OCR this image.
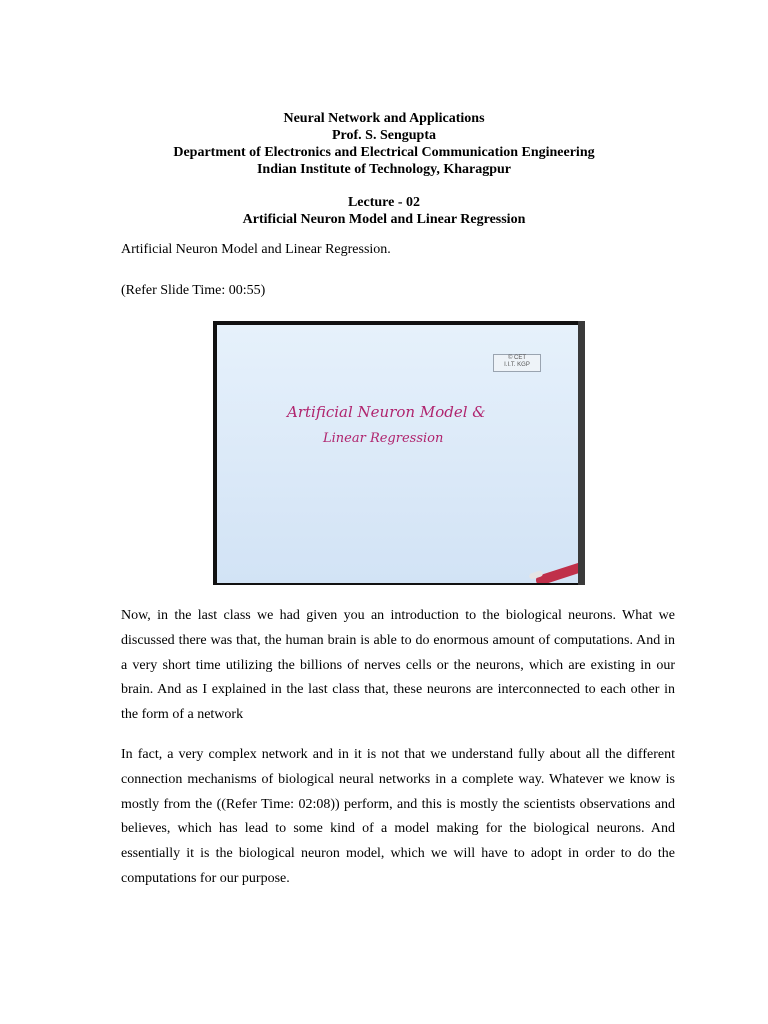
Neural Network and Applications
Prof. S. Sengupta
Department of Electronics and Electrical Communication Engineering
Indian Institute of Technology, Kharagpur
Lecture - 02
Artificial Neuron Model and Linear Regression
Artificial Neuron Model and Linear Regression.
(Refer Slide Time: 00:55)
© CET
I.I.T. KGP
Artificial Neuron Model &
Linear Regression
Now, in the last class we had given you an introduction to the biological neurons. What we discussed there was that, the human brain is able to do enormous amount of computations. And in a very short time utilizing the billions of nerves cells or the neurons, which are existing in our brain. And as I explained in the last class that, these neurons are interconnected to each other in the form of a network
In fact, a very complex network and in it is not that we understand fully about all the different connection mechanisms of biological neural networks in a complete way. Whatever we know is mostly from the ((Refer Time: 02:08)) perform, and this is mostly the scientists observations and believes, which has lead to some kind of a model making for the biological neurons. And essentially it is the biological neuron model, which we will have to adopt in order to do the computations for our purpose.
